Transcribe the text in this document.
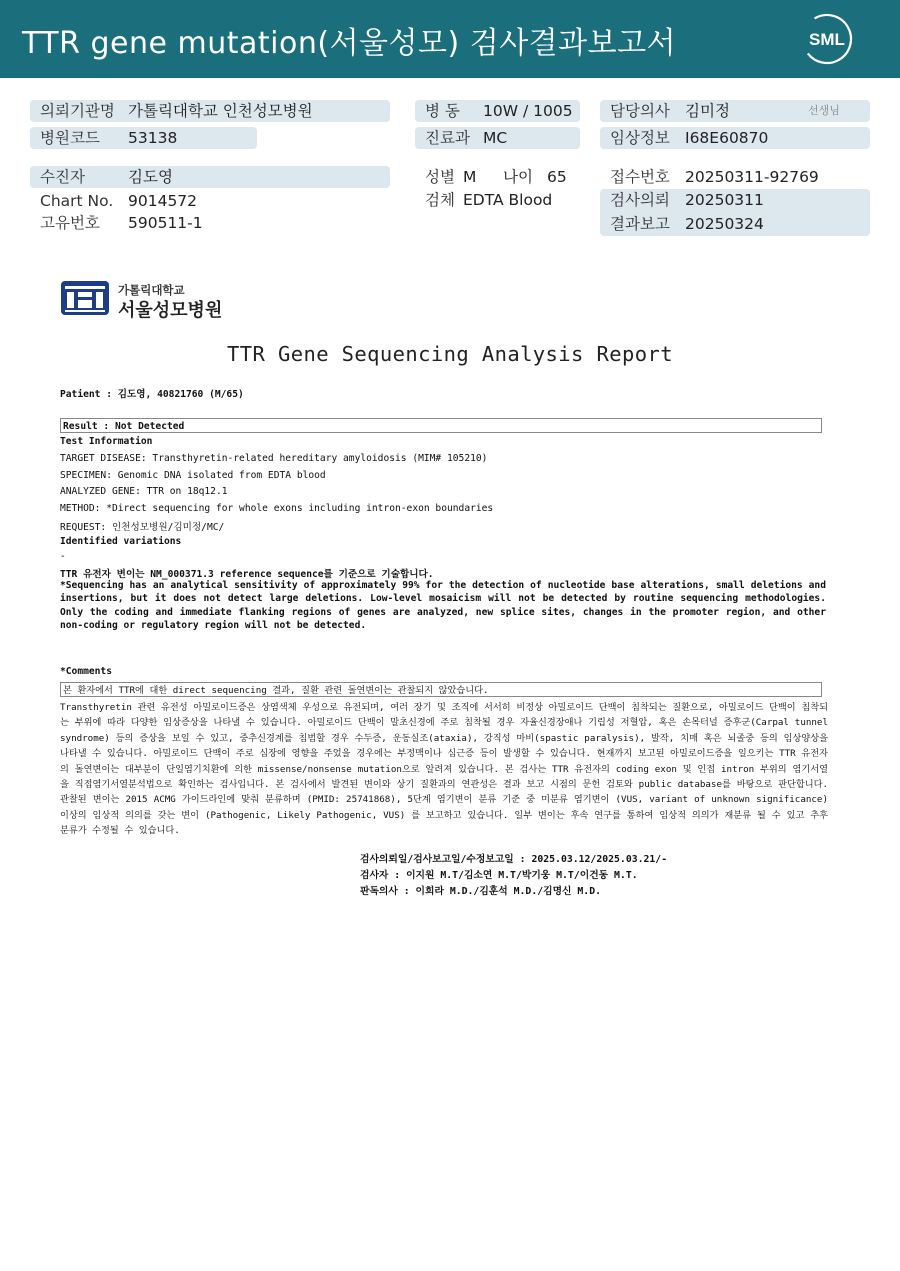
TTR gene mutation(서울성모) 검사결과보고서	SML
의뢰기관명 가톨릭대학교 인천성모병원
병원코드 53138
수진자	김도영
Chart No. 9014572
고유번호 590511-1
병 동 10W / 1005
진료과 MC
성별 M 나이 65
검체 EDTA Blood
담당의사 김미정	선생님
임상정보 I68E60870
접수번호 20250311-92769
검사의뢰 20250311
결과보고 20250324
가톨릭대학교
서울성모병원
TTR Gene Sequencing Analysis Report
Patient : 김도영, 40821760 (M/65)
Result : Not Detected
Test Information
TARGET DISEASE: Transthyretin-related hereditary amyloidosis (MIM# 105210)
SPECIMEN: Genomic DNA isolated from EDTA blood
ANALYZED GENE: TTR on 18q12.1
METHOD: *Direct sequencing for whole exons including intron-exon boundaries
REQUEST: 인천성모병원/김미정/MC/
Identified variations
-
TTR 유전자 변이는 NM_000371.3 reference sequence를 기준으로 기술합니다.
*Sequencing has an analytical sensitivity of approximately 99% for the detection of nucleotide base alterations, small deletions and insertions, but it does not detect large deletions. Low-level mosaicism will not be detected by routine sequencing methodologies. Only the coding and immediate flanking regions of genes are analyzed, new splice sites, changes in the promoter region, and other non-coding or regulatory region will not be detected.
*Comments
본 환자에서 TTR에 대한 direct sequencing 결과, 질환 관련 돌연변이는 관찰되지 않았습니다.
Transthyretin 관련 유전성 아밀로이드증은 상염색체 우성으로 유전되며, 여러 장기 및 조직에 서서히 비정상 아밀로이드 단백이 침착되는 질환으로, 아밀로이드 단백이 침착되는 부위에 따라 다양한 임상증상을 나타낼 수 있습니다. 아밀로이드 단백이 말초신경에 주로 침착될 경우 자율신경장애나 기립성 저혈압, 혹은 손목터널 증후군(Carpal tunnel syndrome) 등의 증상을 보일 수 있고, 중추신경계를 침범할 경우 수두증, 운동실조(ataxia), 강직성 마비(spastic paralysis), 발작, 치매 혹은 뇌졸중 등의 임상양상을 나타낼 수 있습니다. 아밀로이드 단백이 주로 심장에 영향을 주었을 경우에는 부정맥이나 심근증 등이 발생할 수 있습니다. 현재까지 보고된 아밀로이드증을 일으키는 TTR 유전자의 돌연변이는 대부분이 단일염기치환에 의한 missense/nonsense mutation으로 알려져 있습니다. 본 검사는 TTR 유전자의 coding exon 및 인접 intron 부위의 염기서열을 직접염기서열분석법으로 확인하는 검사입니다. 본 검사에서 발견된 변이와 상기 질환과의 연관성은 결과 보고 시점의 문헌 검토와 public database를 바탕으로 판단합니다. 관찰된 변이는 2015 ACMG 가이드라인에 맞춰 분류하며 (PMID: 25741868), 5단계 염기변이 분류 기준 중 미분류 염기변이 (VUS, variant of unknown significance) 이상의 임상적 의의를 갖는 변이 (Pathogenic, Likely Pathogenic, VUS) 를 보고하고 있습니다. 일부 변이는 후속 연구를 통하여 임상적 의의가 재분류 될 수 있고 추후 분류가 수정될 수 있습니다.
검사의뢰일/검사보고일/수정보고일 : 2025.03.12/2025.03.21/-
검사자 : 이지원 M.T/김소연 M.T/박기웅 M.T/이건동 M.T.
판독의사 : 이희라 M.D./김훈석 M.D./김명신 M.D.
